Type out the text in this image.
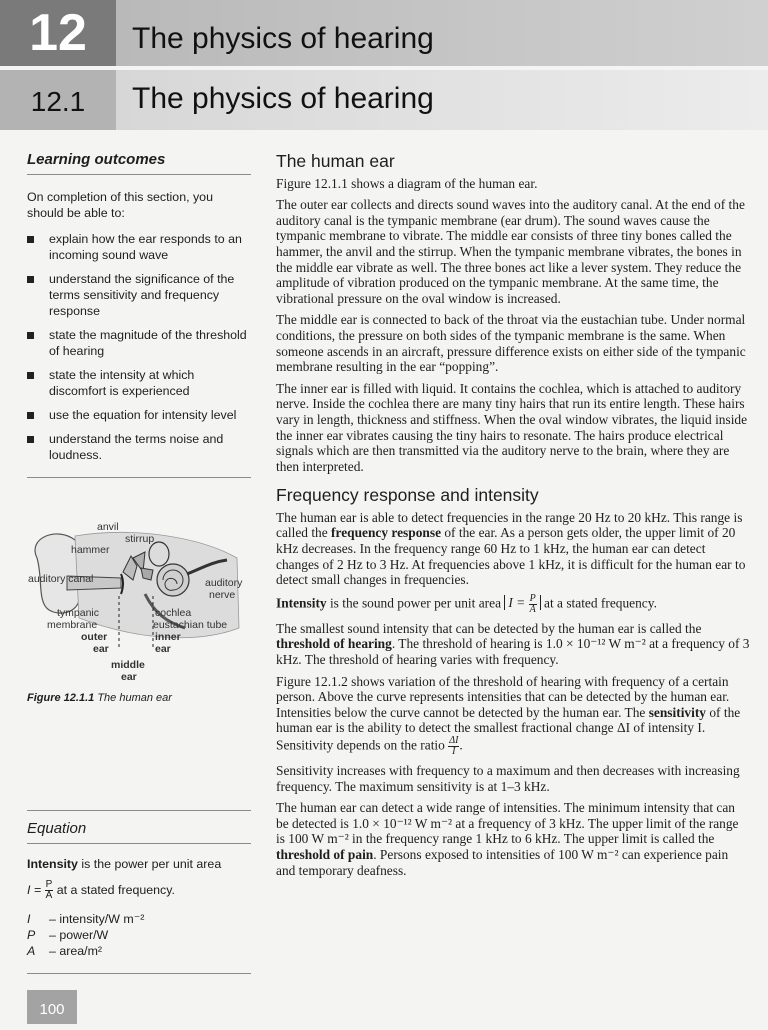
12	The physics of hearing
12.1	The physics of hearing
Learning outcomes
On completion of this section, you should be able to:
explain how the ear responds to an incoming sound wave
understand the significance of the terms sensitivity and frequency response
state the magnitude of the threshold of hearing
state the intensity at which discomfort is experienced
use the equation for intensity level
understand the terms noise and loudness.
anvil
stirrup
hammer
auditory canal	auditory
nerve
tympanic
membrane
cochlea
eustachian tube
outer
ear
inner
ear
middle
ear
Figure 12.1.1 The human ear
Equation
Intensity is the power per unit area
$I = \frac{P}{A}$ at a stated frequency.
I – intensity/W m⁻²
P – power/W
A – area/m²
The human ear

Figure 12.1.1 shows a diagram of the human ear.

The outer ear collects and directs sound waves into the auditory canal. At the end of the auditory canal is the tympanic membrane (ear drum). The sound waves cause the tympanic membrane to vibrate. The middle ear consists of three tiny bones called the hammer, the anvil and the stirrup. When the tympanic membrane vibrates, the bones in the middle ear vibrate as well. The three bones act like a lever system. They reduce the amplitude of vibration produced on the tympanic membrane. At the same time, the vibrational pressure on the oval window is increased.

The middle ear is connected to back of the throat via the eustachian tube. Under normal conditions, the pressure on both sides of the tympanic membrane is the same. When someone ascends in an aircraft, pressure difference exists on either side of the tympanic membrane resulting in the ear “popping”.

The inner ear is filled with liquid. It contains the cochlea, which is attached to auditory nerve. Inside the cochlea there are many tiny hairs that run its entire length. These hairs vary in length, thickness and stiffness. When the oval window vibrates, the liquid inside the inner ear vibrates causing the tiny hairs to resonate. The hairs produce electrical signals which are then transmitted via the auditory nerve to the brain, where they are then interpreted.

Frequency response and intensity

The human ear is able to detect frequencies in the range 20 Hz to 20 kHz. This range is called the frequency response of the ear. As a person gets older, the upper limit of 20 kHz decreases. In the frequency range 60 Hz to 1 kHz, the human ear can detect changes of 2 Hz to 3 Hz. At frequencies above 1 kHz, it is difficult for the human ear to detect small changes in frequencies.

Intensity is the sound power per unit area $I = \frac{P}{A}$ at a stated frequency.

The smallest sound intensity that can be detected by the human ear is called the threshold of hearing. The threshold of hearing is 1.0 × 10⁻¹² W m⁻² at a frequency of 3 kHz. The threshold of hearing varies with frequency.

Figure 12.1.2 shows variation of the threshold of hearing with frequency of a certain person. Above the curve represents intensities that can be detected by the human ear. Intensities below the curve cannot be detected by the human ear. The sensitivity of the human ear is the ability to detect the smallest fractional change ΔI of intensity I. Sensitivity depends on the ratio $\frac{\Delta I}{I}$ .

Sensitivity increases with frequency to a maximum and then decreases with increasing frequency. The maximum sensitivity is at 1–3 kHz.

The human ear can detect a wide range of intensities. The minimum intensity that can be detected is 1.0 × 10⁻¹² W m⁻² at a frequency of 3 kHz. The upper limit of the range is 100 W m⁻² in the frequency range 1 kHz to 6 kHz. The upper limit is called the threshold of pain. Persons exposed to intensities of 100 W m⁻² can experience pain and temporary deafness.

100
